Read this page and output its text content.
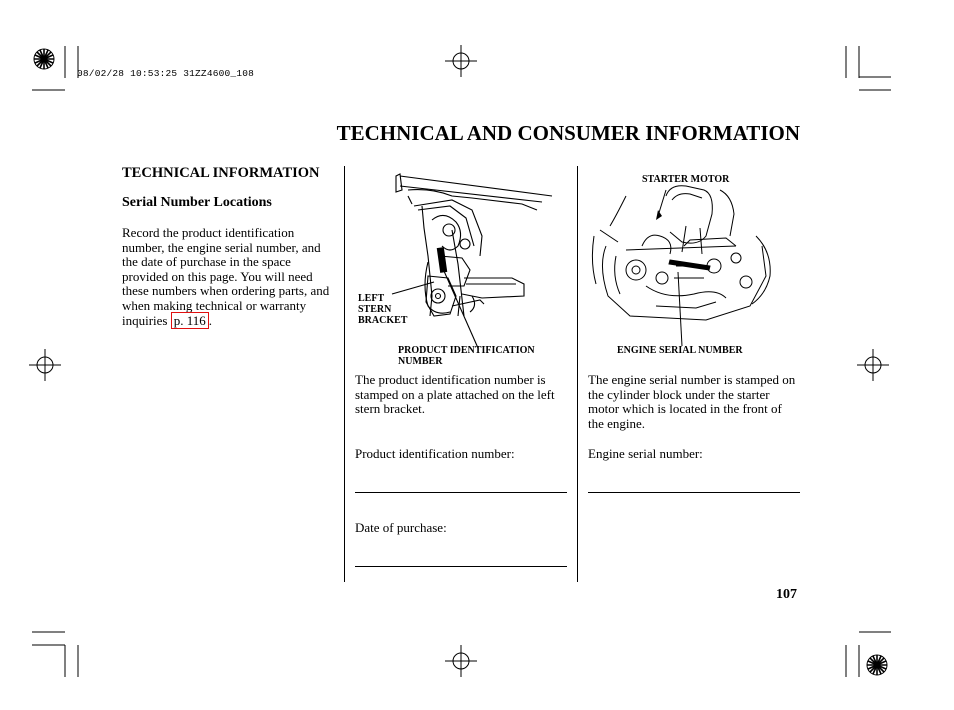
08/02/28 10:53:25 31ZZ4600_108
TECHNICAL AND CONSUMER INFORMATION
TECHNICAL INFORMATION
Serial Number Locations
Record the product identification number, the engine serial number, and the date of purchase in the space provided on this page. You will need these numbers when ordering parts, and when making technical or warranty inquiries p. 116 .
LEFT
STERN
BRACKET
PRODUCT IDENTIFICATION
NUMBER
STARTER MOTOR
ENGINE SERIAL NUMBER
The product identification number is stamped on a plate attached on the left stern bracket.
Product identification number:
Date of purchase:
The engine serial number is stamped on the cylinder block under the starter motor which is located in the front of the engine.
Engine serial number:
107
